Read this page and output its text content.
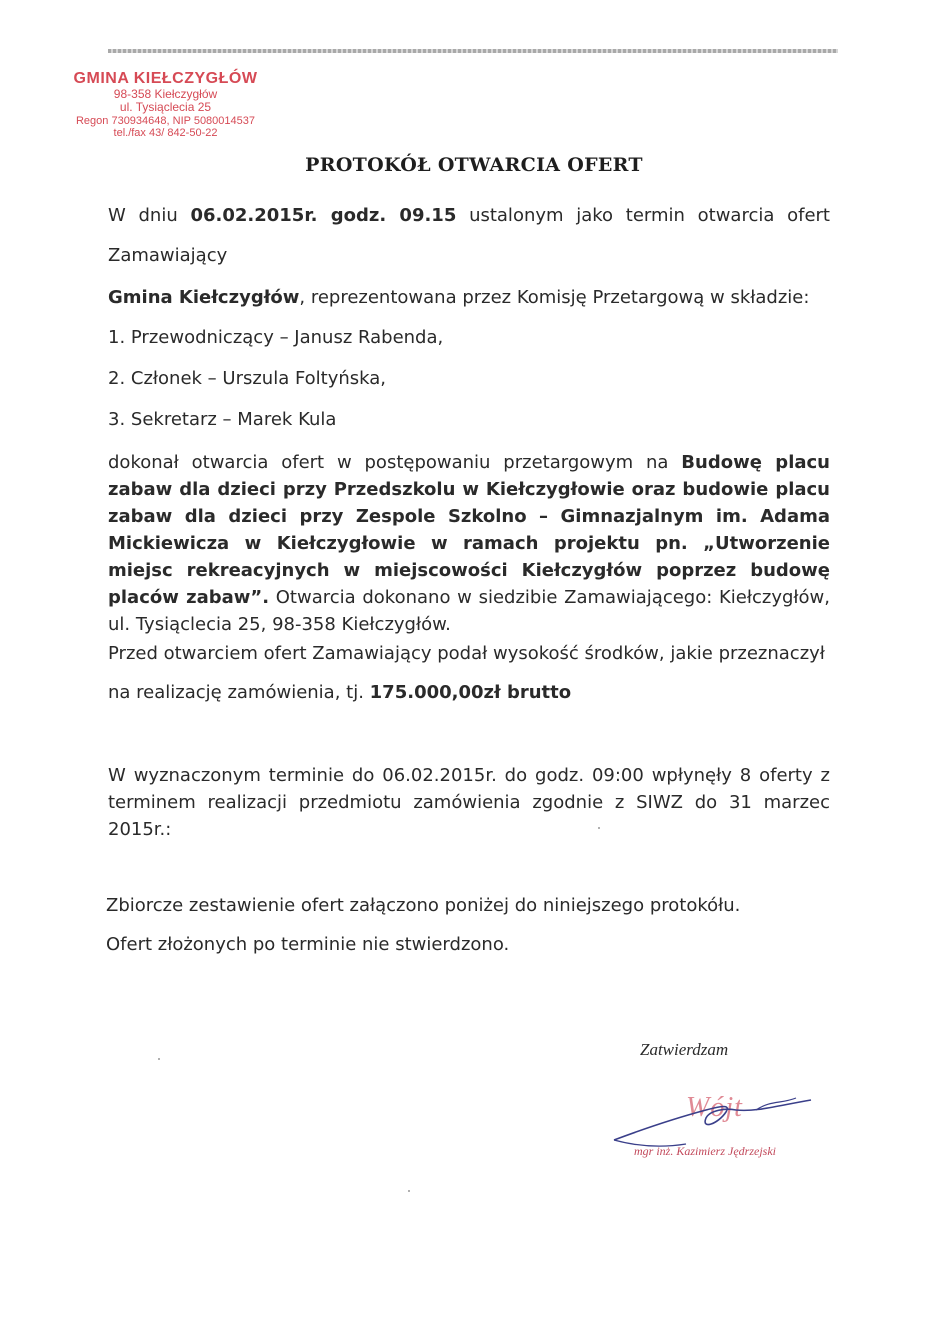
GMINA KIEŁCZYGŁÓW
98-358 Kiełczygłów
ul. Tysiąclecia 25
Regon 730934648, NIP 5080014537
tel./fax 43/ 842-50-22
PROTOKÓŁ OTWARCIA OFERT
W dniu 06.02.2015r. godz. 09.15 ustalonym jako termin otwarcia ofert
Zamawiający
Gmina Kiełczygłów, reprezentowana przez Komisję Przetargową w składzie:
1. Przewodniczący – Janusz Rabenda,
2. Członek – Urszula Foltyńska,
3. Sekretarz – Marek Kula
dokonał otwarcia ofert w postępowaniu przetargowym na Budowę placu zabaw dla dzieci przy Przedszkolu w Kiełczygłowie oraz budowie placu zabaw dla dzieci przy Zespole Szkolno – Gimnazjalnym im. Adama Mickiewicza w Kiełczygłowie w ramach projektu pn. „Utworzenie miejsc rekreacyjnych w miejscowości Kiełczygłów poprzez budowę placów zabaw”. Otwarcia dokonano w siedzibie Zamawiającego: Kiełczygłów, ul. Tysiąclecia 25, 98-358 Kiełczygłów.
Przed otwarciem ofert Zamawiający podał wysokość środków, jakie przeznaczył
na realizację zamówienia, tj. 175.000,00zł brutto
W wyznaczonym terminie do 06.02.2015r. do godz. 09:00 wpłynęły 8 oferty z terminem realizacji przedmiotu zamówienia zgodnie z SIWZ do 31 marzec 2015r.:
Zbiorcze zestawienie ofert załączono poniżej do niniejszego protokółu.
Ofert złożonych po terminie nie stwierdzono.
Zatwierdzam
Wójt
mgr inż. Kazimierz Jędrzejski
